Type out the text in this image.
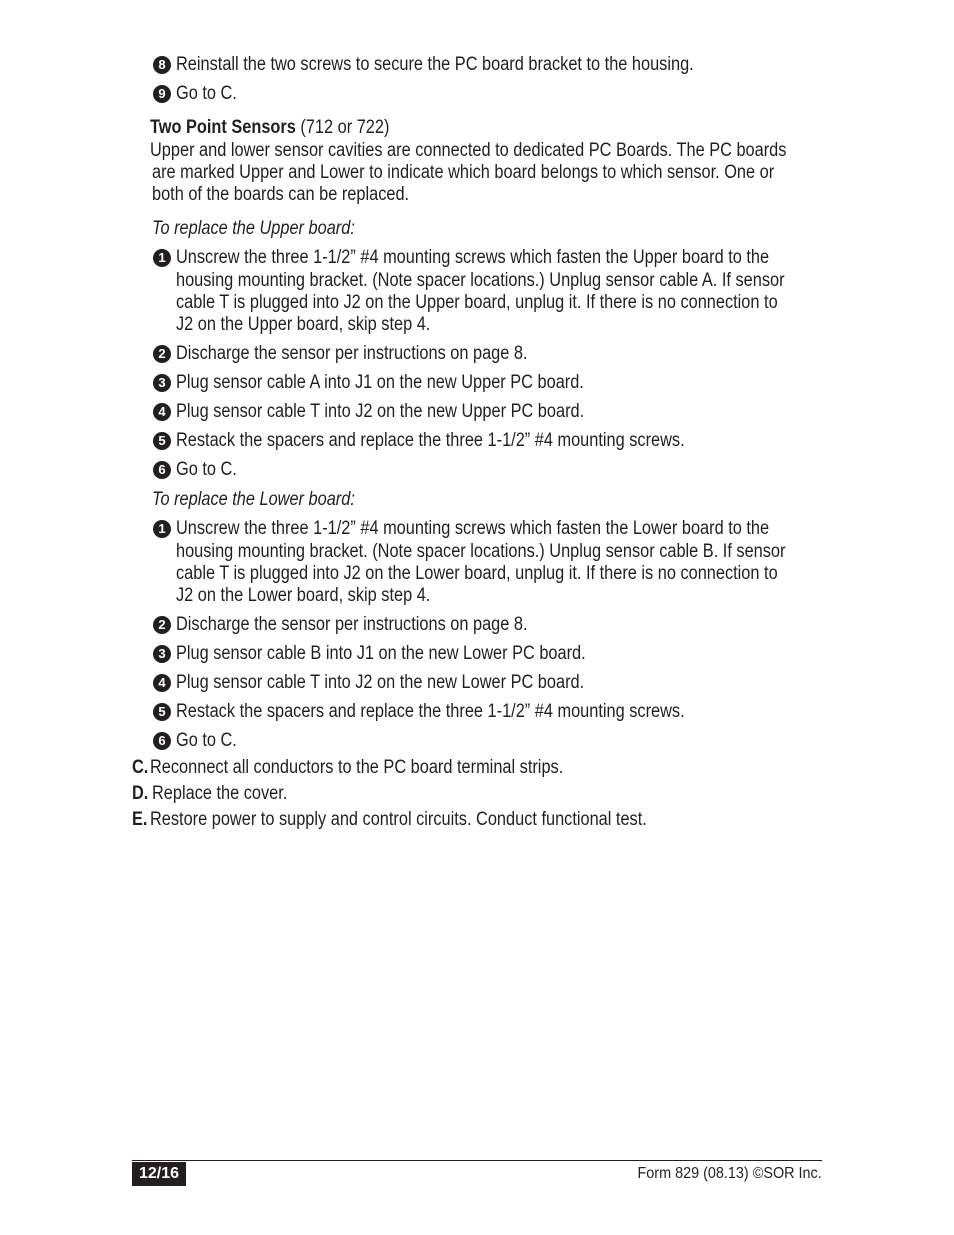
8 Reinstall the two screws to secure the PC board bracket to the housing.
9 Go to C.
Two Point Sensors (712 or 722)
Upper and lower sensor cavities are connected to dedicated PC Boards. The PC boards
are marked Upper and Lower to indicate which board belongs to which sensor. One or
both of the boards can be replaced.
To replace the Upper board:
1 Unscrew the three 1-1/2” #4 mounting screws which fasten the Upper board to the
housing mounting bracket. (Note spacer locations.) Unplug sensor cable A. If sensor
cable T is plugged into J2 on the Upper board, unplug it. If there is no connection to
J2 on the Upper board, skip step 4.
2 Discharge the sensor per instructions on page 8.
3 Plug sensor cable A into J1 on the new Upper PC board.
4 Plug sensor cable T into J2 on the new Upper PC board.
5 Restack the spacers and replace the three 1-1/2” #4 mounting screws.
6 Go to C.
To replace the Lower board:
1 Unscrew the three 1-1/2” #4 mounting screws which fasten the Lower board to the
housing mounting bracket. (Note spacer locations.) Unplug sensor cable B. If sensor
cable T is plugged into J2 on the Lower board, unplug it. If there is no connection to
J2 on the Lower board, skip step 4.
2 Discharge the sensor per instructions on page 8.
3 Plug sensor cable B into J1 on the new Lower PC board.
4 Plug sensor cable T into J2 on the new Lower PC board.
5 Restack the spacers and replace the three 1-1/2” #4 mounting screws.
6 Go to C.
C. Reconnect all conductors to the PC board terminal strips.
D. Replace the cover.
E. Restore power to supply and control circuits. Conduct functional test.
12/16	Form 829 (08.13) ©SOR Inc.
